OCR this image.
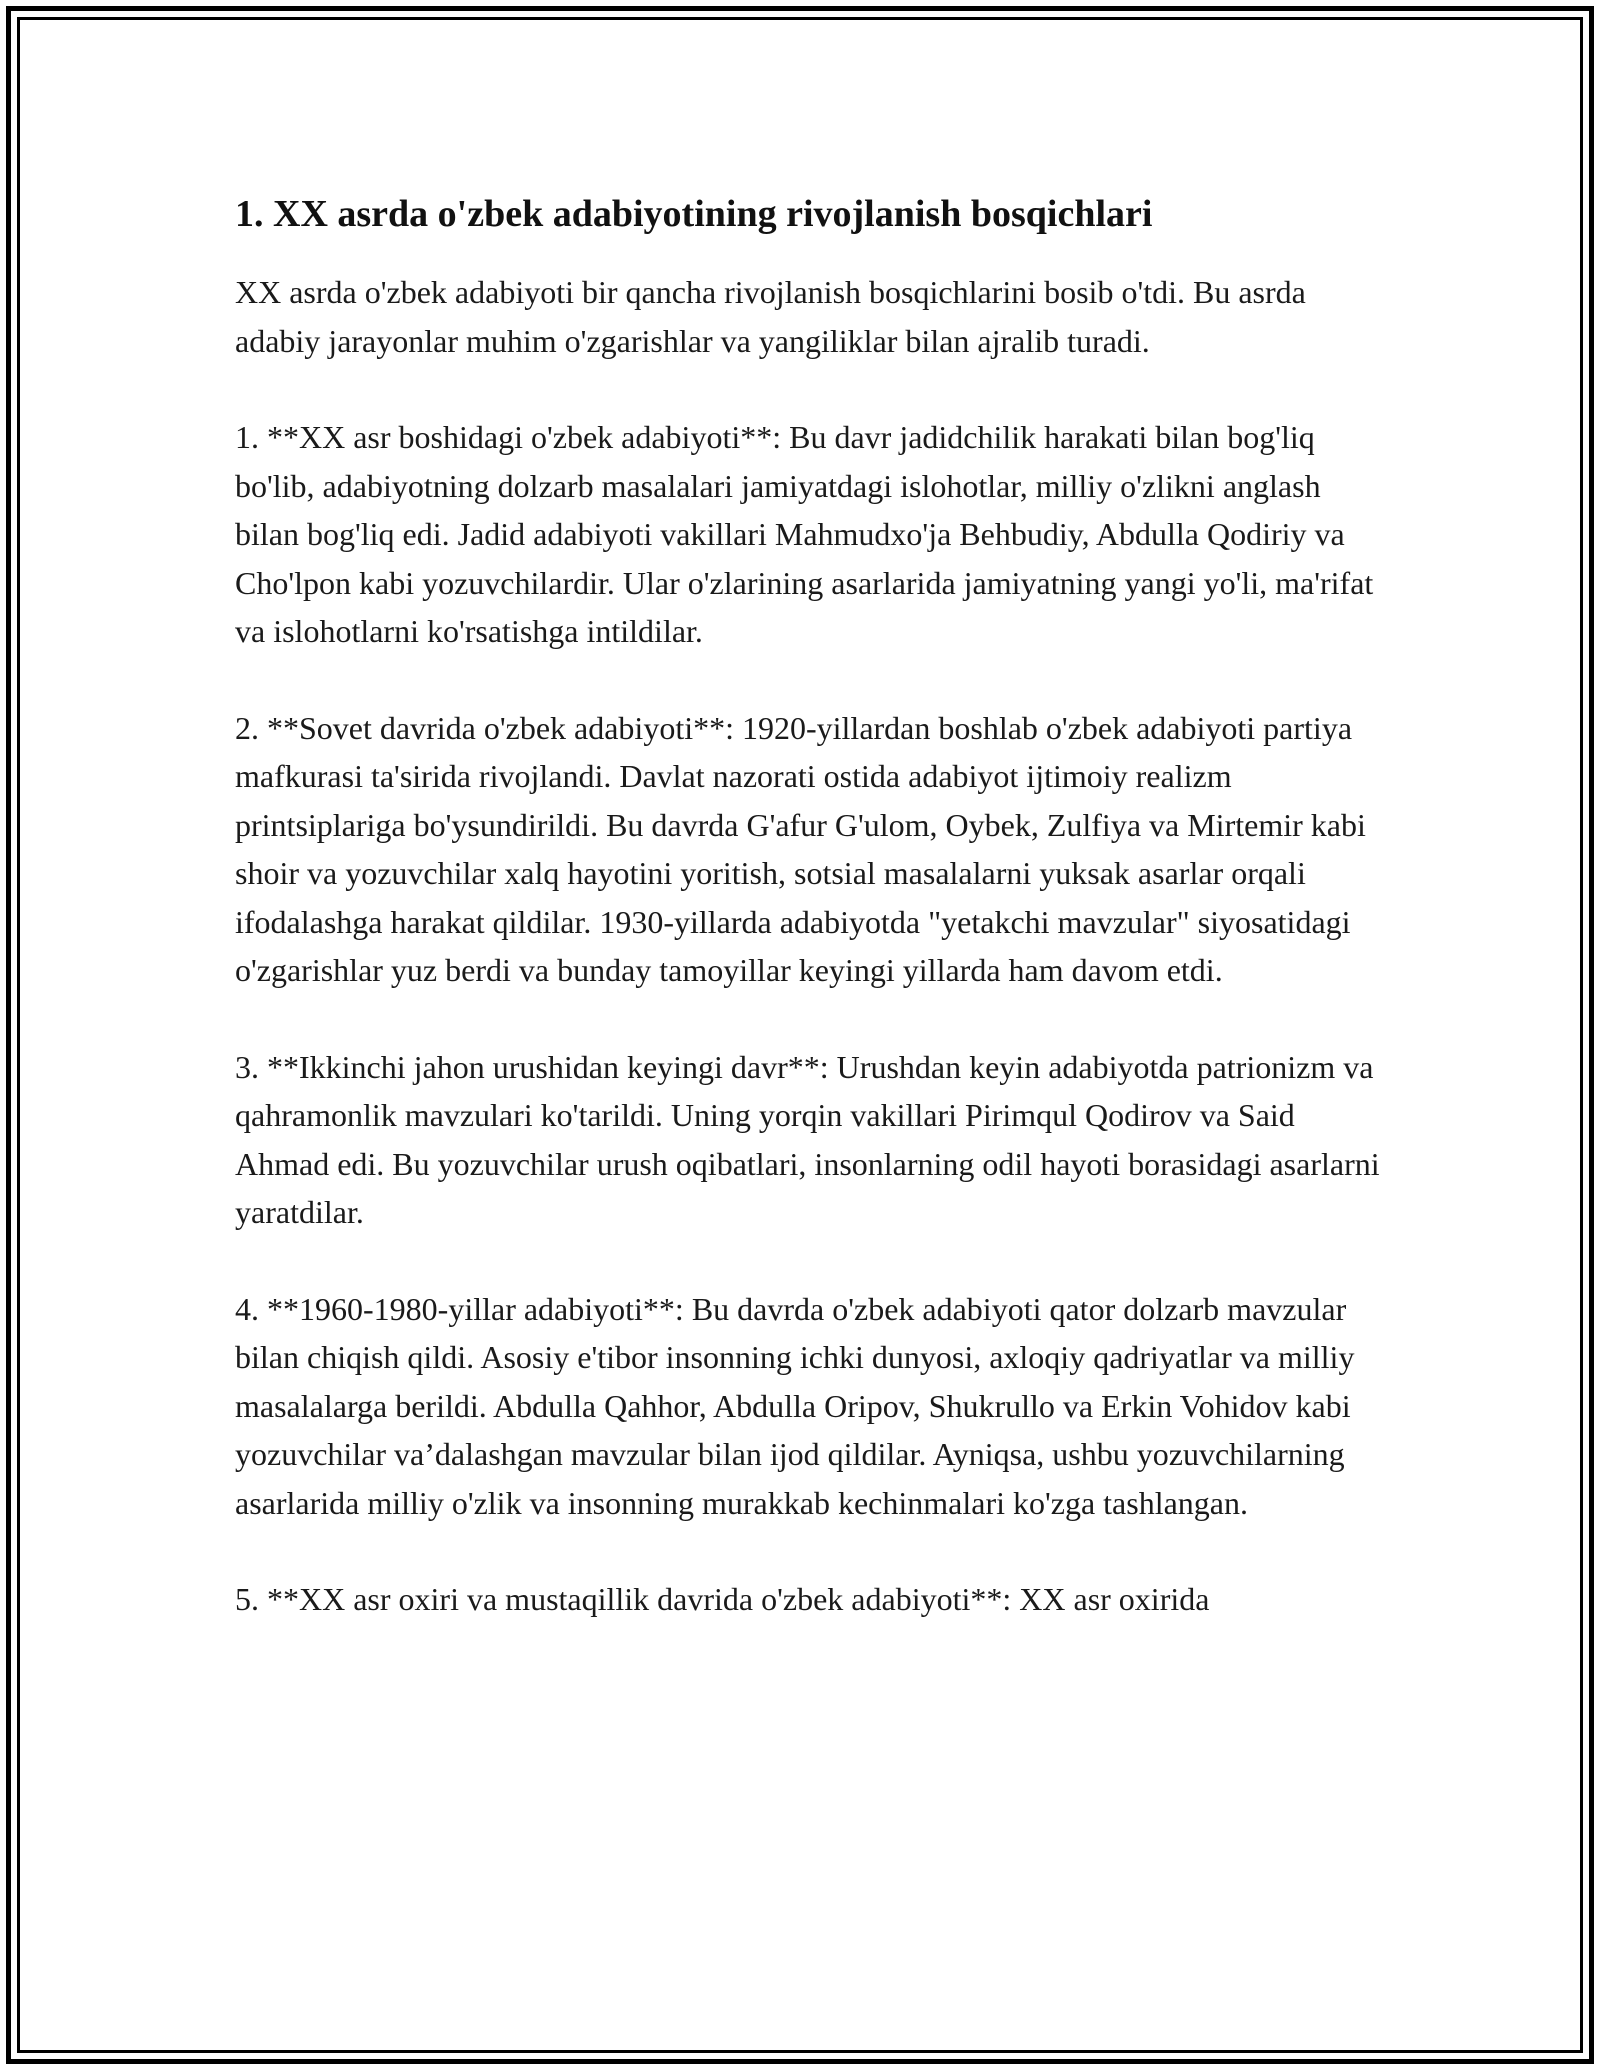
1. XX asrda o'zbek adabiyotining rivojlanish bosqichlari

XX asrda o'zbek adabiyoti bir qancha rivojlanish bosqichlarini bosib o'tdi. Bu asrda adabiy jarayonlar muhim o'zgarishlar va yangiliklar bilan ajralib turadi.

1. **XX asr boshidagi o'zbek adabiyoti**: Bu davr jadidchilik harakati bilan bog'liq bo'lib, adabiyotning dolzarb masalalari jamiyatdagi islohotlar, milliy o'zlikni anglash bilan bog'liq edi. Jadid adabiyoti vakillari Mahmudxo'ja Behbudiy, Abdulla Qodiriy va Cho'lpon kabi yozuvchilardir. Ular o'zlarining asarlarida jamiyatning yangi yo'li, ma'rifat va islohotlarni ko'rsatishga intildilar.

2. **Sovet davrida o'zbek adabiyoti**: 1920-yillardan boshlab o'zbek adabiyoti partiya mafkurasi ta'sirida rivojlandi. Davlat nazorati ostida adabiyot ijtimoiy realizm printsiplariga bo'ysundirildi. Bu davrda G'afur G'ulom, Oybek, Zulfiya va Mirtemir kabi shoir va yozuvchilar xalq hayotini yoritish, sotsial masalalarni yuksak asarlar orqali ifodalashga harakat qildilar. 1930-yillarda adabiyotda "yetakchi mavzular" siyosatidagi o'zgarishlar yuz berdi va bunday tamoyillar keyingi yillarda ham davom etdi.

3. **Ikkinchi jahon urushidan keyingi davr**: Urushdan keyin adabiyotda patrionizm va qahramonlik mavzulari ko'tarildi. Uning yorqin vakillari Pirimqul Qodirov va Said Ahmad edi. Bu yozuvchilar urush oqibatlari, insonlarning odil hayoti borasidagi asarlarni yaratdilar.

4. **1960-1980-yillar adabiyoti**: Bu davrda o'zbek adabiyoti qator dolzarb mavzular bilan chiqish qildi. Asosiy e'tibor insonning ichki dunyosi, axloqiy qadriyatlar va milliy masalalarga berildi. Abdulla Qahhor, Abdulla Oripov, Shukrullo va Erkin Vohidov kabi yozuvchilar va’dalashgan mavzular bilan ijod qildilar. Ayniqsa, ushbu yozuvchilarning asarlarida milliy o'zlik va insonning murakkab kechinmalari ko'zga tashlangan.

5. **XX asr oxiri va mustaqillik davrida o'zbek adabiyoti**: XX asr oxirida
